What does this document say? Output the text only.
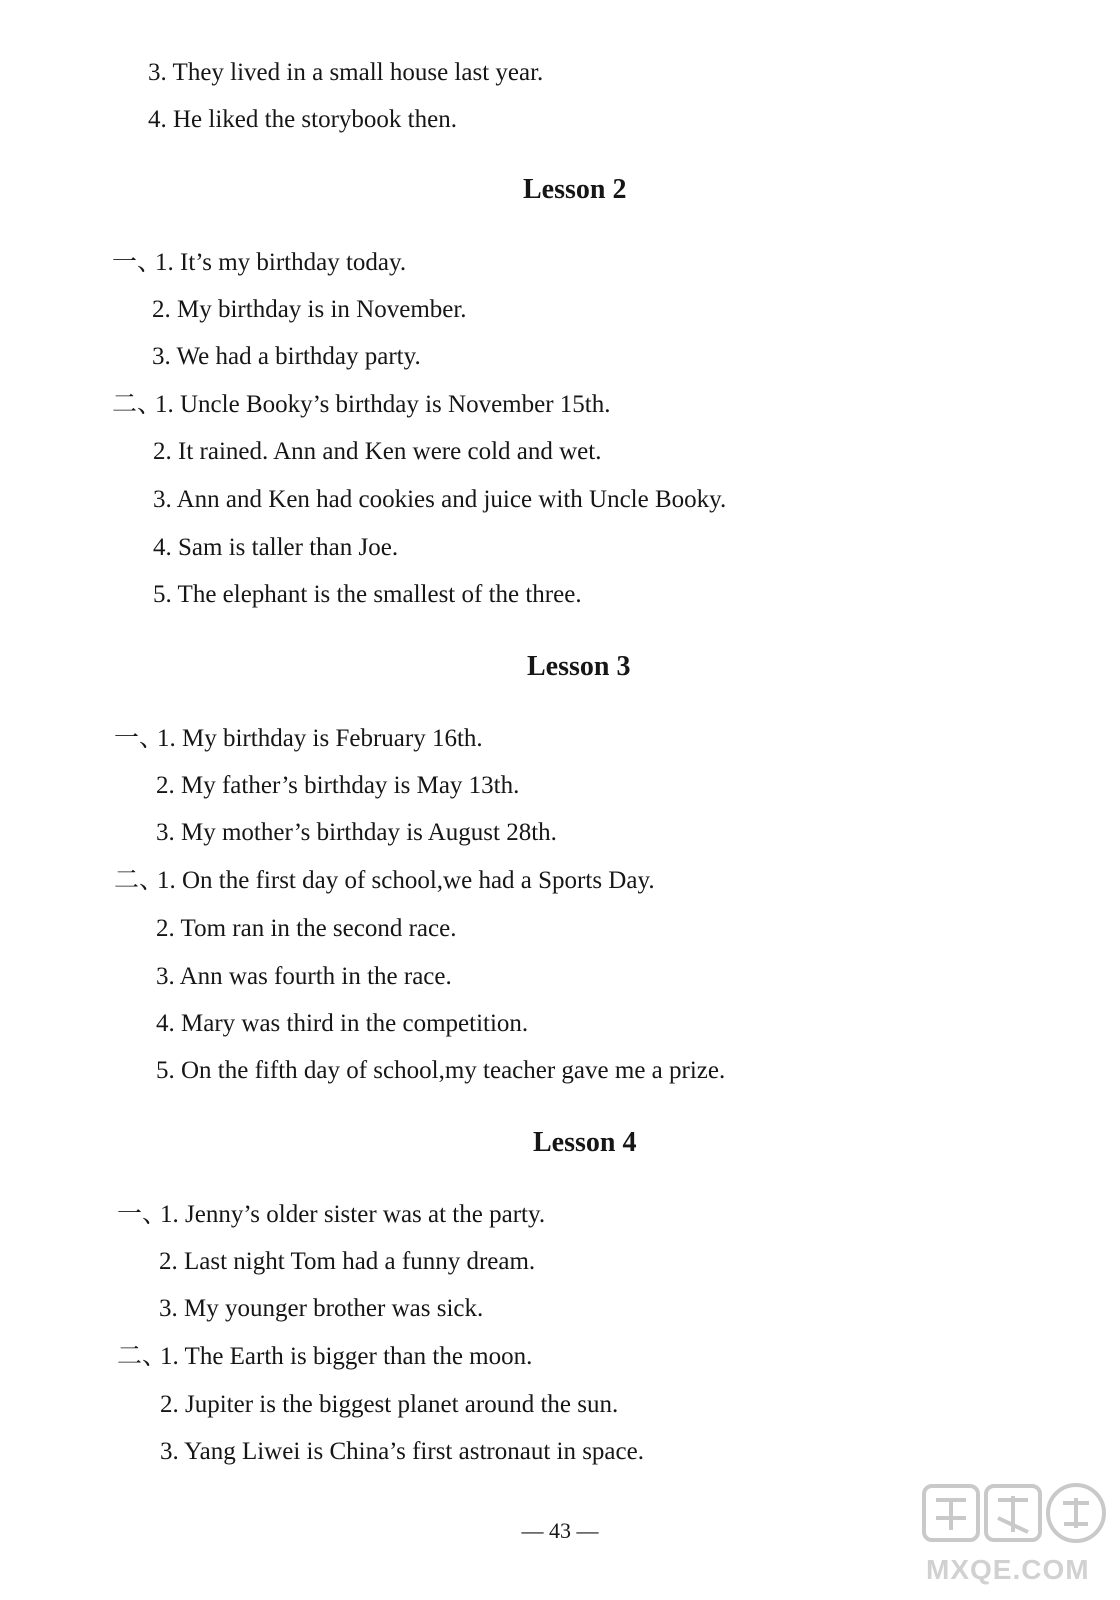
3. They lived in a small house last year.
4. He liked the storybook then.
Lesson 2
一、
1. It’s my birthday today.
2. My birthday is in November.
3. We had a birthday party.
二、
1. Uncle Booky’s birthday is November 15th.
2. It rained. Ann and Ken were cold and wet.
3. Ann and Ken had cookies and juice with Uncle Booky.
4. Sam is taller than Joe.
5. The elephant is the smallest of the three.
Lesson 3
一、
1. My birthday is February 16th.
2. My father’s birthday is May 13th.
3. My mother’s birthday is August 28th.
二、
1. On the first day of school,we had a Sports Day.
2. Tom ran in the second race.
3. Ann was fourth in the race.
4. Mary was third in the competition.
5. On the fifth day of school,my teacher gave me a prize.
Lesson 4
一、
1. Jenny’s older sister was at the party.
2. Last night Tom had a funny dream.
3. My younger brother was sick.
二、
1. The Earth is bigger than the moon.
2. Jupiter is the biggest planet around the sun.
3. Yang Liwei is China’s first astronaut in space.
— 43 —
MXQE.COM
